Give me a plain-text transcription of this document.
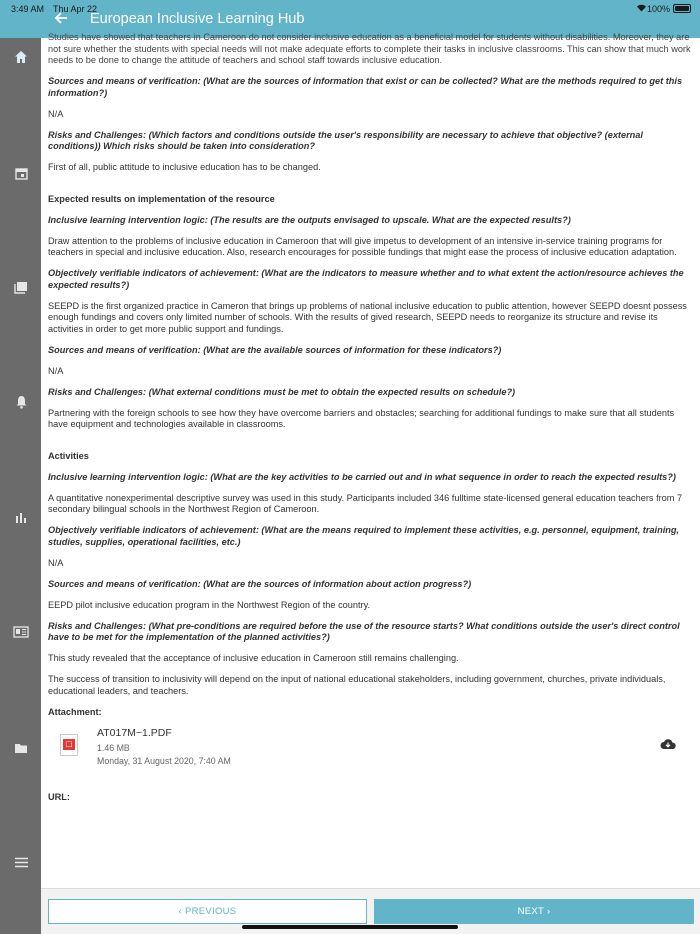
3:49 AM Thu Apr 22	100%
European Inclusive Learning Hub

Studies have showed that teachers in Cameroon do not consider inclusive education as a beneficial model for students without disabilities. Moreover, they are not sure whether the students with special needs will not make adequate efforts to complete their tasks in inclusive classrooms. This can show that much work needs to be done to change the attitude of teachers and school staff towards inclusive education.

Sources and means of verification: (What are the sources of information that exist or can be collected? What are the methods required to get this information?)

N/A

Risks and Challenges: (Which factors and conditions outside the user's responsibility are necessary to achieve that objective? (external conditions)) Which risks should be taken into consideration?

First of all, public attitude to inclusive education has to be changed.

Expected results on implementation of the resource

Inclusive learning intervention logic: (The results are the outputs envisaged to upscale. What are the expected results?)

Draw attention to the problems of inclusive education in Cameroon that will give impetus to development of an intensive in-service training programs for teachers in special and inclusive education. Also, research encourages for possible fundings that might ease the process of inclusive education adaptation.

Objectively verifiable indicators of achievement: (What are the indicators to measure whether and to what extent the action/resource achieves the expected results?)

SEEPD is the first organized practice in Cameron that brings up problems of national inclusive education to public attention, however SEEPD doesnt possess enough fundings and covers only limited number of schools. With the results of gived research, SEEPD needs to reorganize its structure and revise its activities in order to get more public support and fundings.

Sources and means of verification: (What are the available sources of information for these indicators?)

N/A

Risks and Challenges: (What external conditions must be met to obtain the expected results on schedule?)

Partnering with the foreign schools to see how they have overcome barriers and obstacles; searching for additional fundings to make sure that all students have equipment and technologies available in classrooms.

Activities

Inclusive learning intervention logic: (What are the key activities to be carried out and in what sequence in order to reach the expected results?)

A quantitative nonexperimental descriptive survey was used in this study. Participants included 346 fulltime state-licensed general education teachers from 7 secondary bilingual schools in the Northwest Region of Cameroon.

Objectively verifiable indicators of achievement: (What are the means required to implement these activities, e.g. personnel, equipment, training, studies, supplies, operational facilities, etc.)

N/A

Sources and means of verification: (What are the sources of information about action progress?)

EEPD pilot inclusive education program in the Northwest Region of the country.

Risks and Challenges: (What pre-conditions are required before the use of the resource starts? What conditions outside the user's direct control have to be met for the implementation of the planned activities?)

This study revealed that the acceptance of inclusive education in Cameroon still remains challenging.

The success of transition to inclusivity will depend on the input of national educational stakeholders, including government, churches, private individuals, educational leaders, and teachers.

Attachment:

⬚
AT017M~1.PDF
1.46 MB
Monday, 31 August 2020, 7:40 AM

URL:

‹ PREVIOUS	NEXT ›
